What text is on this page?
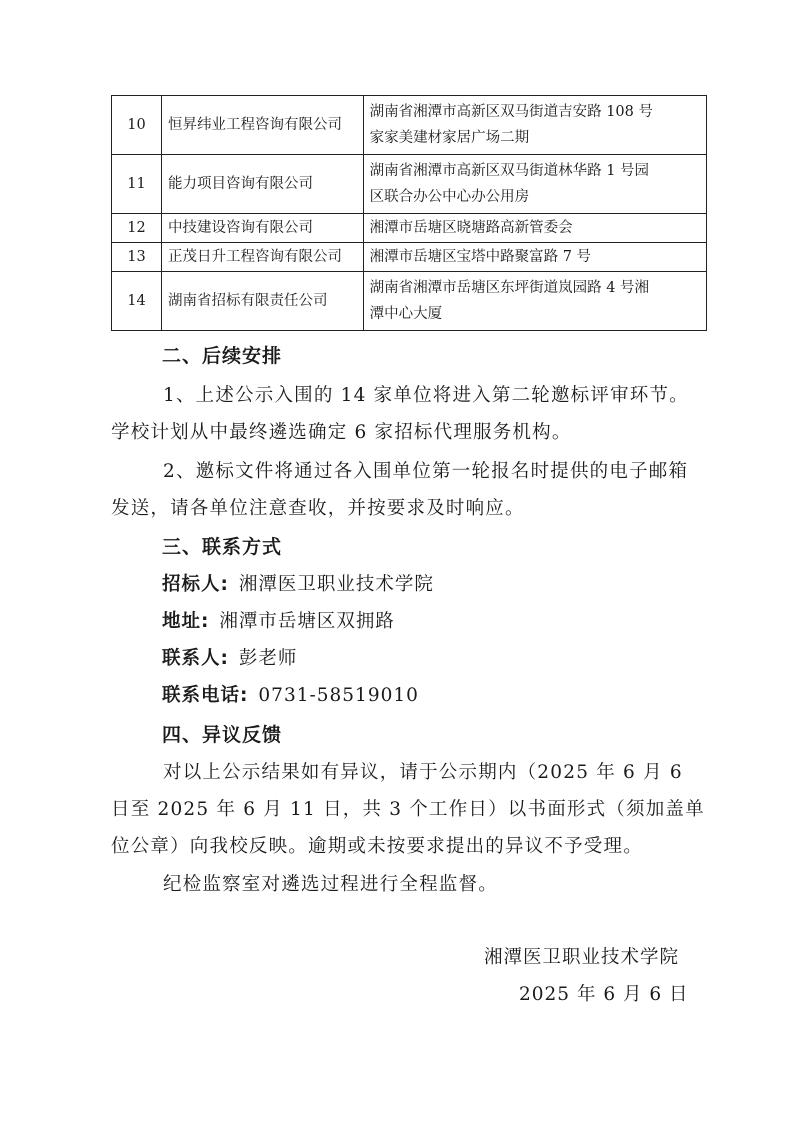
10	恒昇纬业工程咨询有限公司	湖南省湘潭市高新区双马街道吉安路 108 号
家家美建材家居广场二期
11	能力项目咨询有限公司	湖南省湘潭市高新区双马街道林华路 1 号园
区联合办公中心办公用房
12	中技建设咨询有限公司	湘潭市岳塘区晓塘路高新管委会
13	正茂日升工程咨询有限公司	湘潭市岳塘区宝塔中路聚富路 7 号
14	湖南省招标有限责任公司	湖南省湘潭市岳塘区东坪街道岚园路 4 号湘
潭中心大厦
二、后续安排
1、上述公示入围的 14 家单位将进入第二轮邀标评审环节。学校计划从中最终遴选确定 6 家招标代理服务机构。
2、邀标文件将通过各入围单位第一轮报名时提供的电子邮箱发送，请各单位注意查收，并按要求及时响应。
三、联系方式
招标人: 湘潭医卫职业技术学院
地址: 湘潭市岳塘区双拥路
联系人: 彭老师
联系电话: 0731-58519010
四、异议反馈
对以上公示结果如有异议，请于公示期内（2025 年 6 月 6 日至 2025 年 6 月 11 日，共 3 个工作日）以书面形式（须加盖单位公章）向我校反映。逾期或未按要求提出的异议不予受理。
纪检监察室对遴选过程进行全程监督。
湘潭医卫职业技术学院
2025 年 6 月 6 日
